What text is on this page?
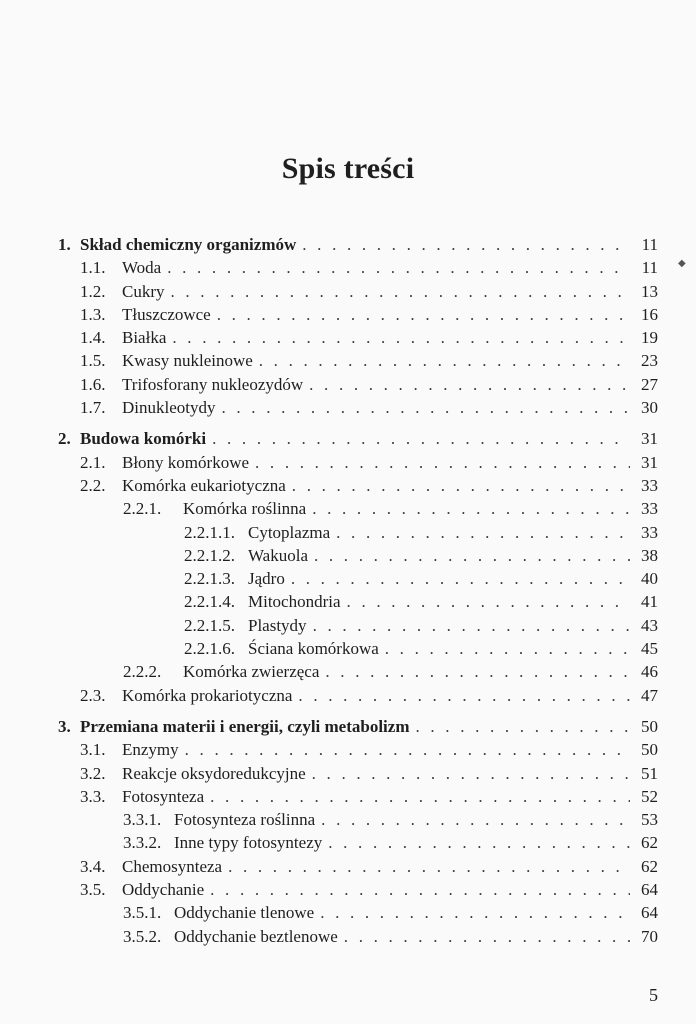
Spis treści
◆
1. Skład chemiczny organizmów . . .	11
1.1. Woda . . .	11
1.2. Cukry . . .	13
1.3. Tłuszczowce . . .	16
1.4. Białka . . .	19
1.5. Kwasy nukleinowe . . .	23
1.6. Trifosforany nukleozydów . . .	27
1.7. Dinukleotydy . . .	30
2. Budowa komórki . . .	31
2.1. Błony komórkowe . . .	31
2.2. Komórka eukariotyczna . . .	33
2.2.1.	Komórka roślinna . . .	33
2.2.1.1. Cytoplazma . . .	33
2.2.1.2. Wakuola . . .	38
2.2.1.3. Jądro . . .	40
2.2.1.4. Mitochondria . . .	41
2.2.1.5. Plastydy . . .	43
2.2.1.6. Ściana komórkowa . . .	45
2.2.2.	Komórka zwierzęca . . .	46
2.3. Komórka prokariotyczna . . .	47
3. Przemiana materii i energii, czyli metabolizm . . .	50
3.1. Enzymy . . .	50
3.2. Reakcje oksydoredukcyjne . . .	51
3.3. Fotosynteza . . .	52
3.3.1. Fotosynteza roślinna . . .	53
3.3.2. Inne typy fotosyntezy . . .	62
3.4. Chemosynteza . . .	62
3.5. Oddychanie . . .	64
3.5.1. Oddychanie tlenowe . . .	64
3.5.2. Oddychanie beztlenowe . . .	70
5
